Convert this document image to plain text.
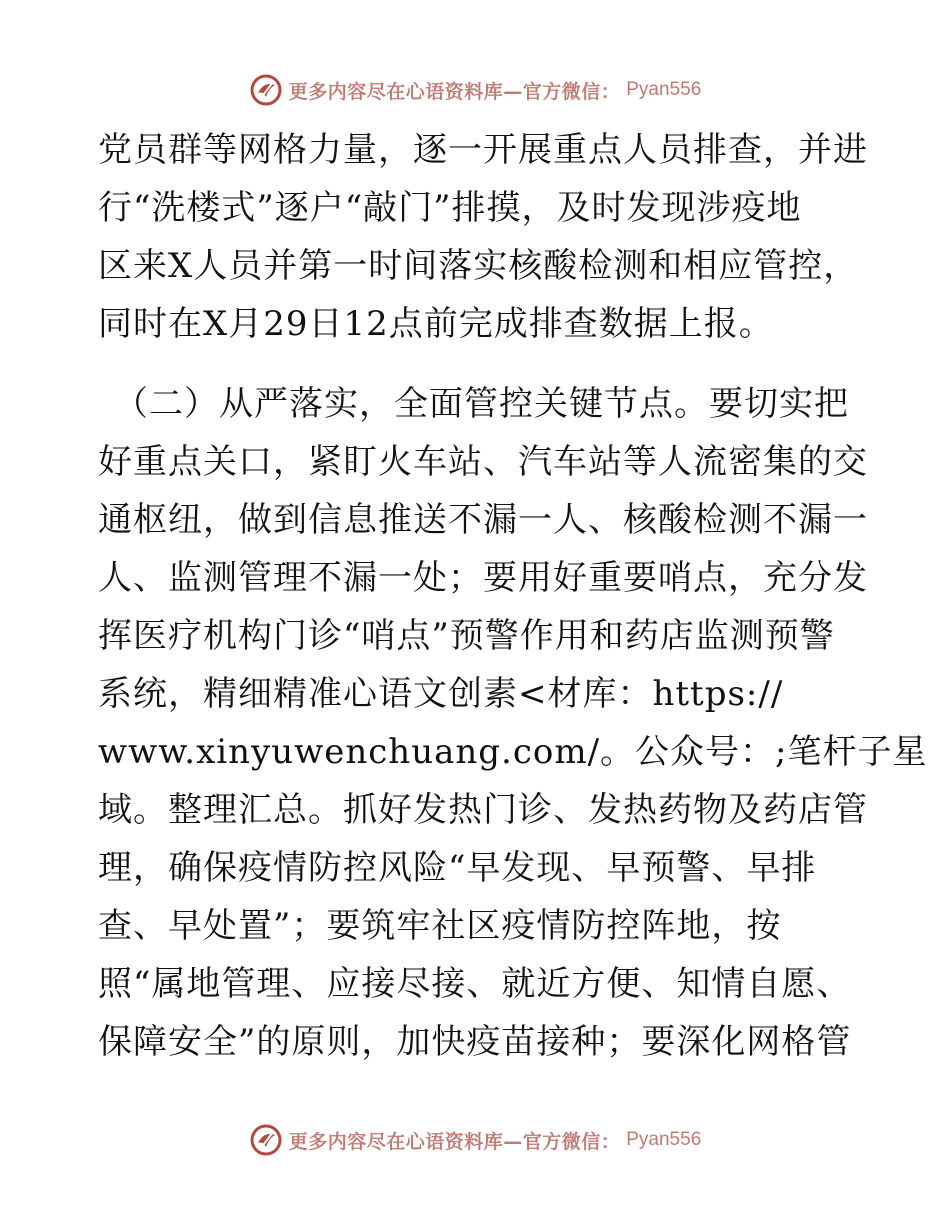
更多内容尽在心语资料库—官方微信： Pyan556
党员群等网格力量，逐一开展重点人员排查，并进
行“洗楼式”逐户“敲门”排摸，及时发现涉疫地
区来X人员并第一时间落实核酸检测和相应管控，
同时在X月29日12点前完成排查数据上报。
（二）从严落实，全面管控关键节点。要切实把
好重点关口，紧盯火车站、汽车站等人流密集的交
通枢纽，做到信息推送不漏一人、核酸检测不漏一
人、监测管理不漏一处；要用好重要哨点，充分发
挥医疗机构门诊“哨点”预警作用和药店监测预警
系统，精细精准心语文创素<材库：https://
www.xinyuwenchuang.com/。公众号：;笔杆子星
域。整理汇总。抓好发热门诊、发热药物及药店管
理，确保疫情防控风险“早发现、早预警、早排
查、早处置”；要筑牢社区疫情防控阵地，按
照“属地管理、应接尽接、就近方便、知情自愿、
保障安全”的原则，加快疫苗接种；要深化网格管
更多内容尽在心语资料库—官方微信： Pyan556
